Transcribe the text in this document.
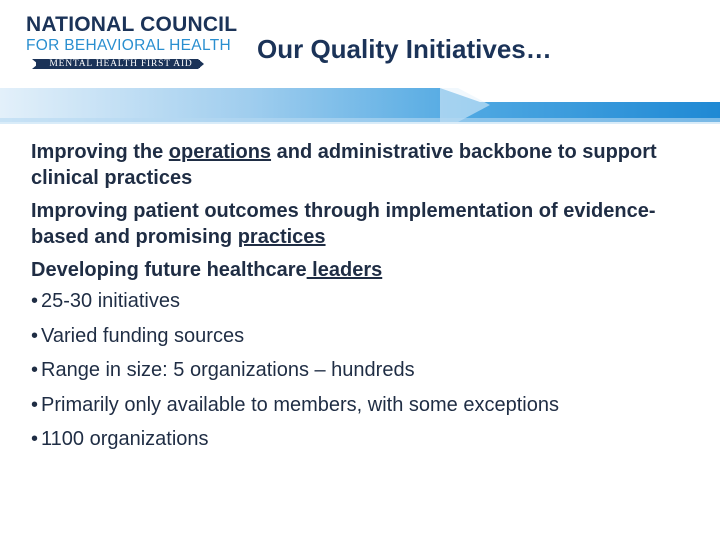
NATIONAL COUNCIL
FOR BEHAVIORAL HEALTH
MENTAL HEALTH FIRST AID	Our Quality Initiatives…
Improving the operations and administrative backbone to support clinical practices
Improving patient outcomes through implementation of evidence-based and promising practices
Developing future healthcare leaders
• 25-30 initiatives
• Varied funding sources
• Range in size: 5 organizations – hundreds
• Primarily only available to members, with some exceptions
• 1100 organizations
